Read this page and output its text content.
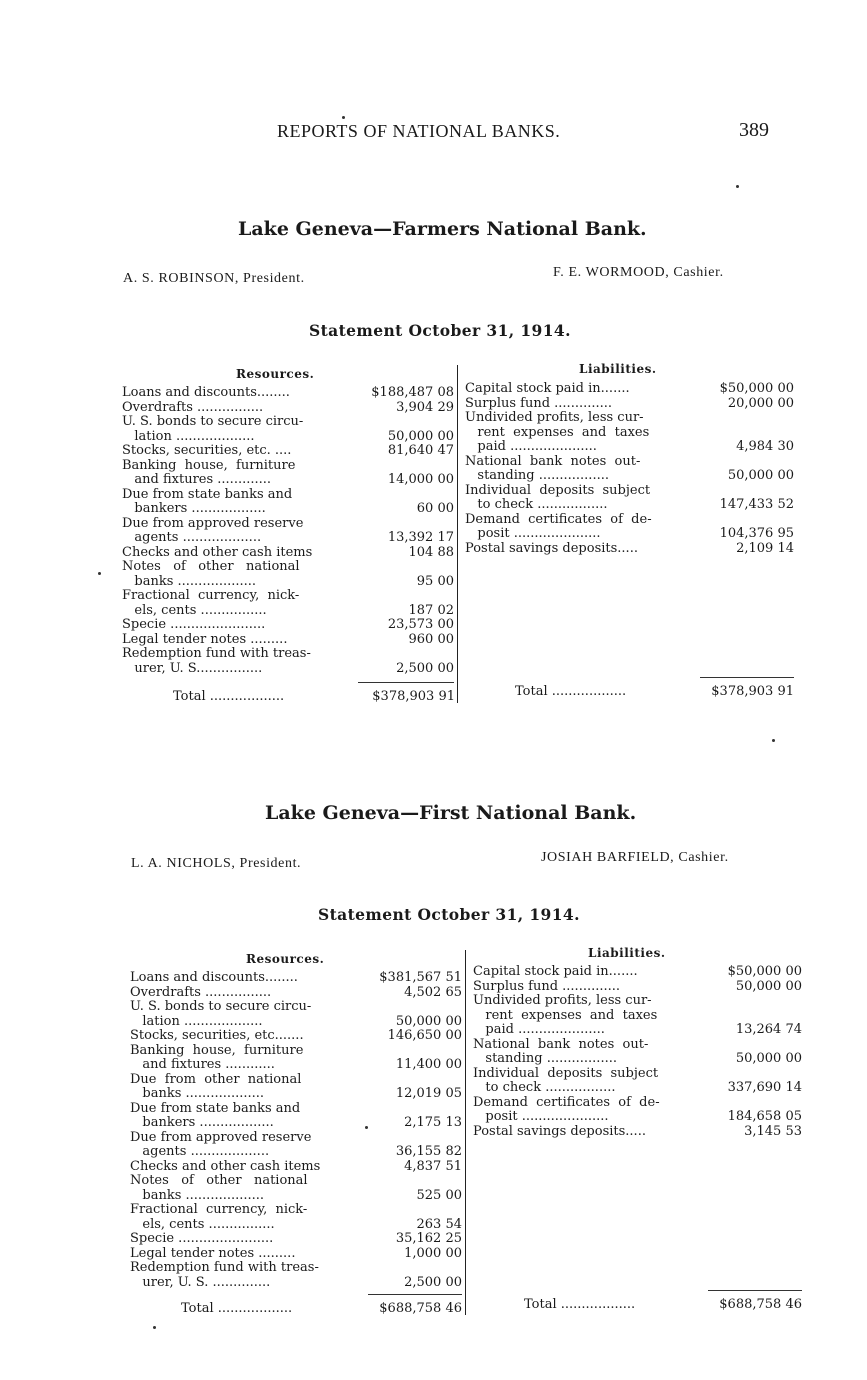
REPORTS OF NATIONAL BANKS.	389
Lake Geneva—Farmers National Bank.
A. S. ROBINSON, President.	F. E. WORMOOD, Cashier.
Statement October 31, 1914.
Resources.	Liabilities.
Loans and discounts........	$188,487 08
Overdrafts ................	3,904 29
U. S. bonds to secure circu-
lation ...................	50,000 00
Stocks, securities, etc. ....	81,640 47
Banking  house,  furniture
and fixtures .............	14,000 00
Due from state banks and
bankers ..................	60 00
Due from approved reserve
agents ...................	13,392 17
Checks and other cash items	104 88
Notes   of   other   national
banks ...................	95 00
Fractional  currency,  nick-
els, cents ................	187 02
Specie .......................	23,573 00
Legal tender notes .........	960 00
Redemption fund with treas-
urer, U. S................	2,500 00
Capital stock paid in.......	$50,000 00
Surplus fund ..............	20,000 00
Undivided profits, less cur-
rent  expenses  and  taxes
paid .....................	4,984 30
National  bank  notes  out-
standing .................	50,000 00
Individual  deposits  subject
to check .................	147,433 52
Demand  certificates  of  de-
posit .....................	104,376 95
Postal savings deposits.....	2,109 14
Total ..................	$378,903 91	Total ..................	$378,903 91
Lake Geneva—First National Bank.
L. A. NICHOLS, President.	JOSIAH BARFIELD, Cashier.
Statement October 31, 1914.
Resources.	Liabilities.
Loans and discounts........	$381,567 51
Overdrafts ................	4,502 65
U. S. bonds to secure circu-
lation ...................	50,000 00
Stocks, securities, etc.......	146,650 00
Banking  house,  furniture
and fixtures ............	11,400 00
Due  from  other  national
banks ...................	12,019 05
Due from state banks and
bankers ..................	2,175 13
Due from approved reserve
agents ...................	36,155 82
Checks and other cash items	4,837 51
Notes   of   other   national
banks ...................	525 00
Fractional  currency,  nick-
els, cents ................	263 54
Specie .......................	35,162 25
Legal tender notes .........	1,000 00
Redemption fund with treas-
urer, U. S. ..............	2,500 00
Capital stock paid in.......	$50,000 00
Surplus fund ..............	50,000 00
Undivided profits, less cur-
rent  expenses  and  taxes
paid .....................	13,264 74
National  bank  notes  out-
standing .................	50,000 00
Individual  deposits  subject
to check .................	337,690 14
Demand  certificates  of  de-
posit .....................	184,658 05
Postal savings deposits.....	3,145 53
Total ..................	$688,758 46	Total ..................	$688,758 46
